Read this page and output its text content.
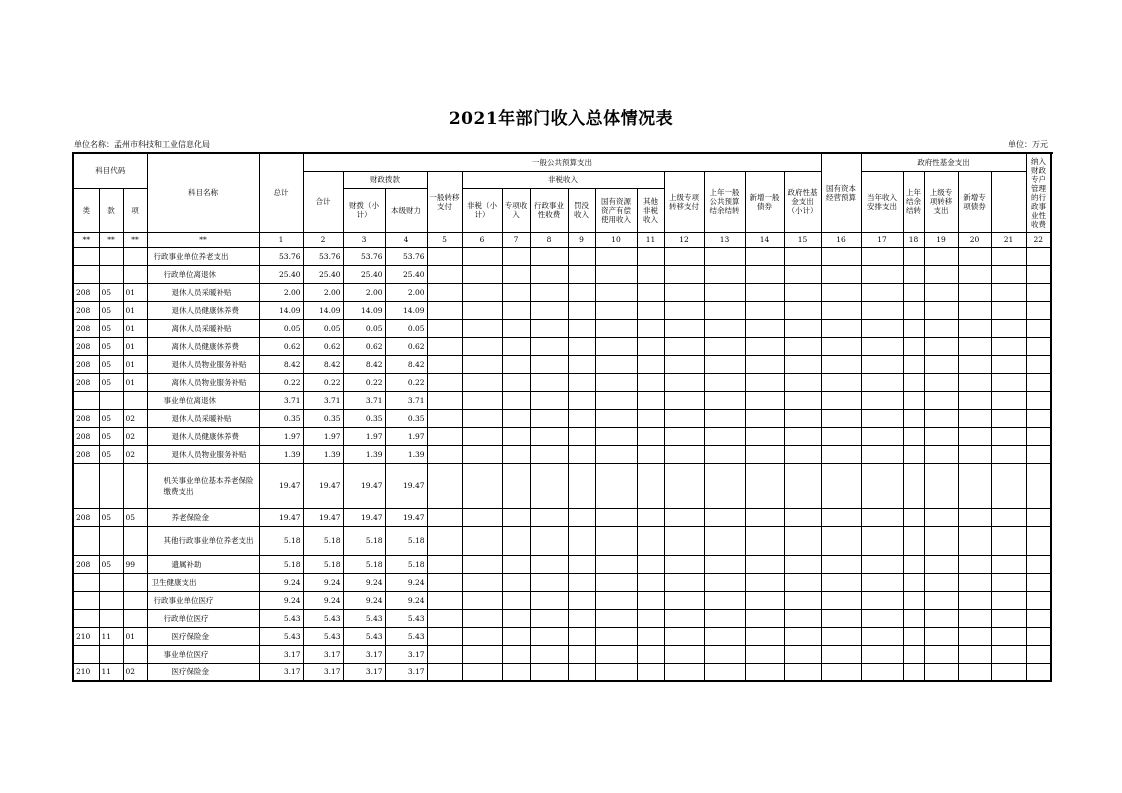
2021年部门收入总体情况表
单位名称：孟州市科技和工业信息化局	单位：万元
科目代码			科目名称	总计	一般公共预算支出														国有资本经营预算	政府性基金支出					纳入财政专户管理的行政事业性收费	
					合计	财政拨款		一般转移支付	非税收入						上级专项转移支付	上年一般公共预算结余结转	新增一般债券	政府性基金支出（小计）		当年收入安排支出	上年结余结转	上级专项转移支出	新增专项债券			
类	款	项				财拨（小计）	本级财力		非税（小计）	专项收入	行政事业性收费	罚没收入	国有资源资产有偿使用收入	其他非税收入												

**	**	**	**	1	2	3	4	5	6	7	8	9	10	11	12	13	14	15	16	17	18	19	20	21	22	
			行政事业单位养老支出	53.76	53.76	53.76	53.76																			
			行政单位离退休	25.40	25.40	25.40	25.40																			
208	05	01	退休人员采暖补贴	2.00	2.00	2.00	2.00																			
208	05	01	退休人员健康休养费	14.09	14.09	14.09	14.09																			
208	05	01	离休人员采暖补贴	0.05	0.05	0.05	0.05																			
208	05	01	离休人员健康休养费	0.62	0.62	0.62	0.62																			
208	05	01	退休人员物业服务补贴	8.42	8.42	8.42	8.42																			
208	05	01	离休人员物业服务补贴	0.22	0.22	0.22	0.22																			
			事业单位离退休	3.71	3.71	3.71	3.71																			
208	05	02	退休人员采暖补贴	0.35	0.35	0.35	0.35																			
208	05	02	退休人员健康休养费	1.97	1.97	1.97	1.97																			
208	05	02	退休人员物业服务补贴	1.39	1.39	1.39	1.39																			
			机关事业单位基本养老保险缴费支出	19.47	19.47	19.47	19.47																			
208	05	05	养老保险金	19.47	19.47	19.47	19.47																			
			其他行政事业单位养老支出	5.18	5.18	5.18	5.18																			
208	05	99	遗属补助	5.18	5.18	5.18	5.18																			
			卫生健康支出	9.24	9.24	9.24	9.24																			
			行政事业单位医疗	9.24	9.24	9.24	9.24																			
			行政单位医疗	5.43	5.43	5.43	5.43																			
210	11	01	医疗保险金	5.43	5.43	5.43	5.43																			
			事业单位医疗	3.17	3.17	3.17	3.17																			
210	11	02	医疗保险金	3.17	3.17	3.17	3.17																			
